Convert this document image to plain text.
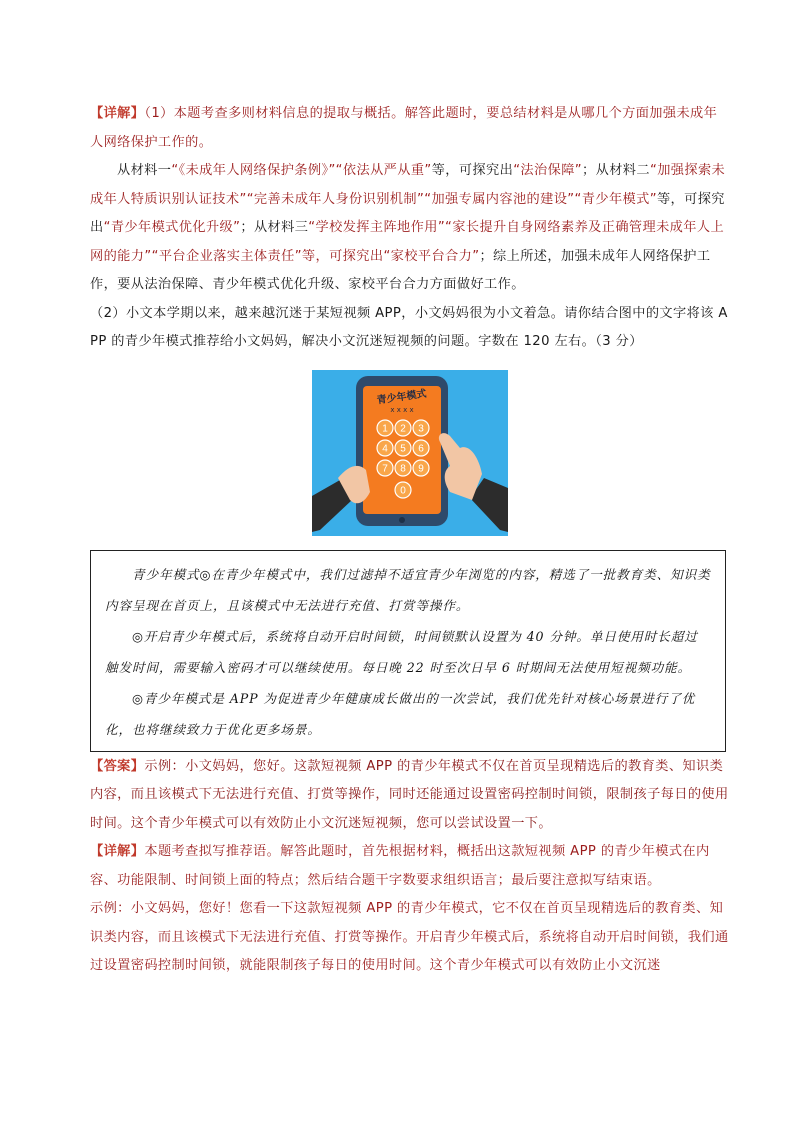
【详解】（1）本题考查多则材料信息的提取与概括。解答此题时，要总结材料是从哪几个方面加强未成年人网络保护工作的。

从材料一“《未成年人网络保护条例》”“依法从严从重”等，可探究出“法治保障”；从材料二“加强探索未成年人特质识别认证技术”“完善未成年人身份识别机制”“加强专属内容池的建设”“青少年模式”等，可探究出“青少年模式优化升级”；从材料三“学校发挥主阵地作用”“家长提升自身网络素养及正确管理未成年人上网的能力”“平台企业落实主体责任”等，可探究出“家校平台合力”；综上所述，加强未成年人网络保护工作，要从法治保障、青少年模式优化升级、家校平台合力方面做好工作。

（2）小文本学期以来，越来越沉迷于某短视频 APP，小文妈妈很为小文着急。请你结合图中的文字将该 APP 的青少年模式推荐给小文妈妈，解决小文沉迷短视频的问题。字数在 120 左右。（3 分）

青少年模式
x x x x
1 2 3
4 5 6
7 8 9
0

青少年模式◎在青少年模式中，我们过滤掉不适宜青少年浏览的内容，精选了一批教育类、知识类内容呈现在首页上，且该模式中无法进行充值、打赏等操作。

◎开启青少年模式后，系统将自动开启时间锁，时间锁默认设置为 40 分钟。单日使用时长超过触发时间，需要输入密码才可以继续使用。每日晚 22 时至次日早 6 时期间无法使用短视频功能。

◎青少年模式是 APP 为促进青少年健康成长做出的一次尝试，我们优先针对核心场景进行了优化，也将继续致力于优化更多场景。

【答案】示例：小文妈妈，您好。这款短视频 APP 的青少年模式不仅在首页呈现精选后的教育类、知识类内容，而且该模式下无法进行充值、打赏等操作，同时还能通过设置密码控制时间锁，限制孩子每日的使用时间。这个青少年模式可以有效防止小文沉迷短视频，您可以尝试设置一下。

【详解】本题考查拟写推荐语。解答此题时，首先根据材料，概括出这款短视频 APP 的青少年模式在内容、功能限制、时间锁上面的特点；然后结合题干字数要求组织语言；最后要注意拟写结束语。

示例：小文妈妈，您好！您看一下这款短视频 APP 的青少年模式，它不仅在首页呈现精选后的教育类、知识类内容，而且该模式下无法进行充值、打赏等操作。开启青少年模式后，系统将自动开启时间锁，我们通过设置密码控制时间锁，就能限制孩子每日的使用时间。这个青少年模式可以有效防止小文沉迷
